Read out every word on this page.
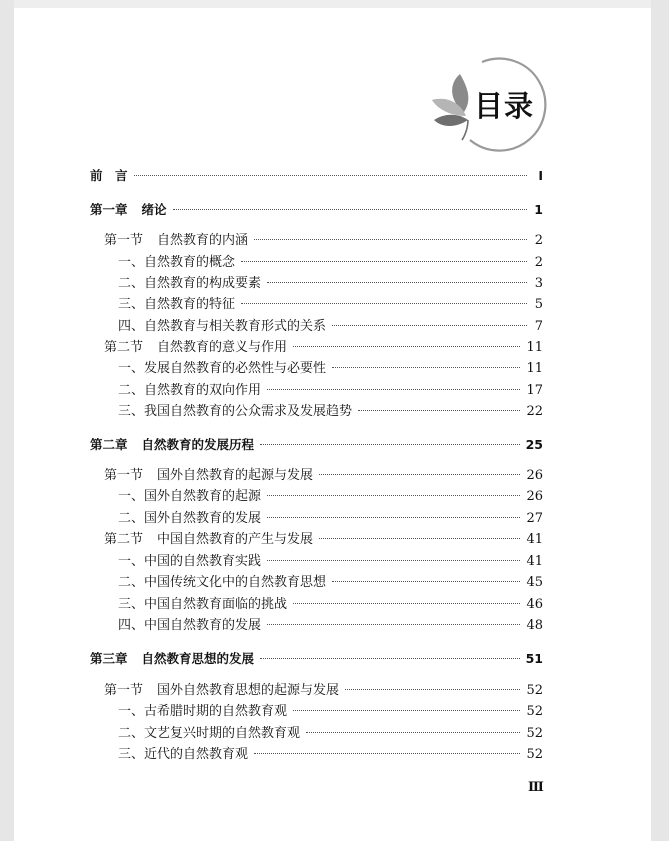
目录
前　言	I
第一章 绪论	1
第一节 自然教育的内涵	2
一、自然教育的概念	2
二、自然教育的构成要素	3
三、自然教育的特征	5
四、自然教育与相关教育形式的关系	7
第二节 自然教育的意义与作用	11
一、发展自然教育的必然性与必要性	11
二、自然教育的双向作用	17
三、我国自然教育的公众需求及发展趋势	22
第二章 自然教育的发展历程	25
第一节 国外自然教育的起源与发展	26
一、国外自然教育的起源	26
二、国外自然教育的发展	27
第二节 中国自然教育的产生与发展	41
一、中国的自然教育实践	41
二、中国传统文化中的自然教育思想	45
三、中国自然教育面临的挑战	46
四、中国自然教育的发展	48
第三章 自然教育思想的发展	51
第一节 国外自然教育思想的起源与发展	52
一、古希腊时期的自然教育观	52
二、文艺复兴时期的自然教育观	52
三、近代的自然教育观	52
Ⅲ
